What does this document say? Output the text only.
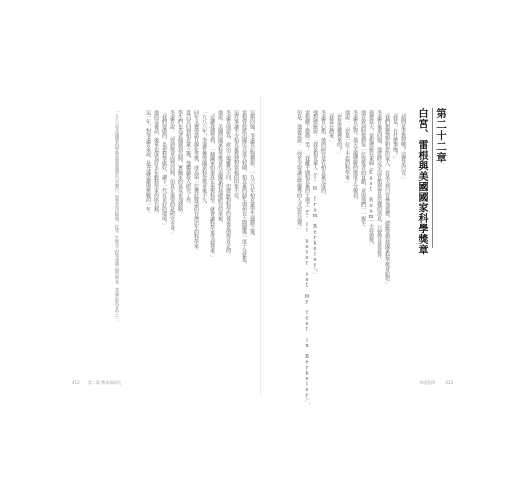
這樁回憶，李遠哲記憶猶新。一九六九年柏克萊學生運動之後，
雷根曾經派出國民兵進入校園，柏克萊的師生與州長之間關係一度十分緊張。
這件事讓不少柏克萊教授對雷根的印象不佳，
李遠哲則認為，政治立場雖然不同，但總統對科學的尊重是值得肯定的。
他說，美國的國家科學獎章代表國家對基礎研究的重視，
「這讓我感受到，一個國家如果真正重視科學，就會讓科學家受到尊重。」
一九八六年，李遠哲獲得國家科學獎章後不久，
同年又獲得諾貝爾化學獎，成為第一位獲此殊榮的台灣出生的科學家。
從白宮回到柏克萊之後，他繼續投入研究工作，
學生們也為老師感到高興，實驗室的氣氛更加熱絡。
李遠哲說：「得到獎章固然高興，但真正重要的是研究本身。」
「我們要做的，是把科學做好，讓下一代有更好的環境。」
他的這番話，後來也成為許多年輕科學家的座右銘。
這一年，對李遠哲來說，是充滿榮耀與挑戰的一年。
一九八六年美國國家科學獎章頒獎典禮於白宮舉行，得獎者包括物理、化學、生物及工程等領域之傑出學者，李遠哲即為其中之一。
412 第二篇 教育與研究
第二十二章
白宮、雷根與美國國家科學獎章
「請問是李教授嗎？這裡是白宮。」
「我是，有什麼事嗎？」
「我們想邀請您和您的家人，在某天到白宮參加典禮，總統要頒發國家科學獎章給您。」
李遠哲後來回憶，他當時完全沒有想到會是這樣的消息，只覺得非常意外。
典禮當天，雷根總統在東廂（East Room）主持頒獎，
他在致詞時提到每一位得獎者的貢獻，並與他們一一握手。
李遠哲記得，那天美國總統的態度十分親切，
他說：「您是一位了不起的科學家。」
「您是從哪裡來的？」
「我從台灣來。」
李遠哲心想，他的研究是在柏克萊完成的，
他對總統說：「我是柏克萊人（I'm from Berkeley）。」
雷根聽了微微一笑：「我離不開柏克萊的土地上（I'll never set my feet in Berkeley）」，
但是，他還是說：「你至少要讓這些優秀的人才留在這裡。」
李遠哲傳	413
